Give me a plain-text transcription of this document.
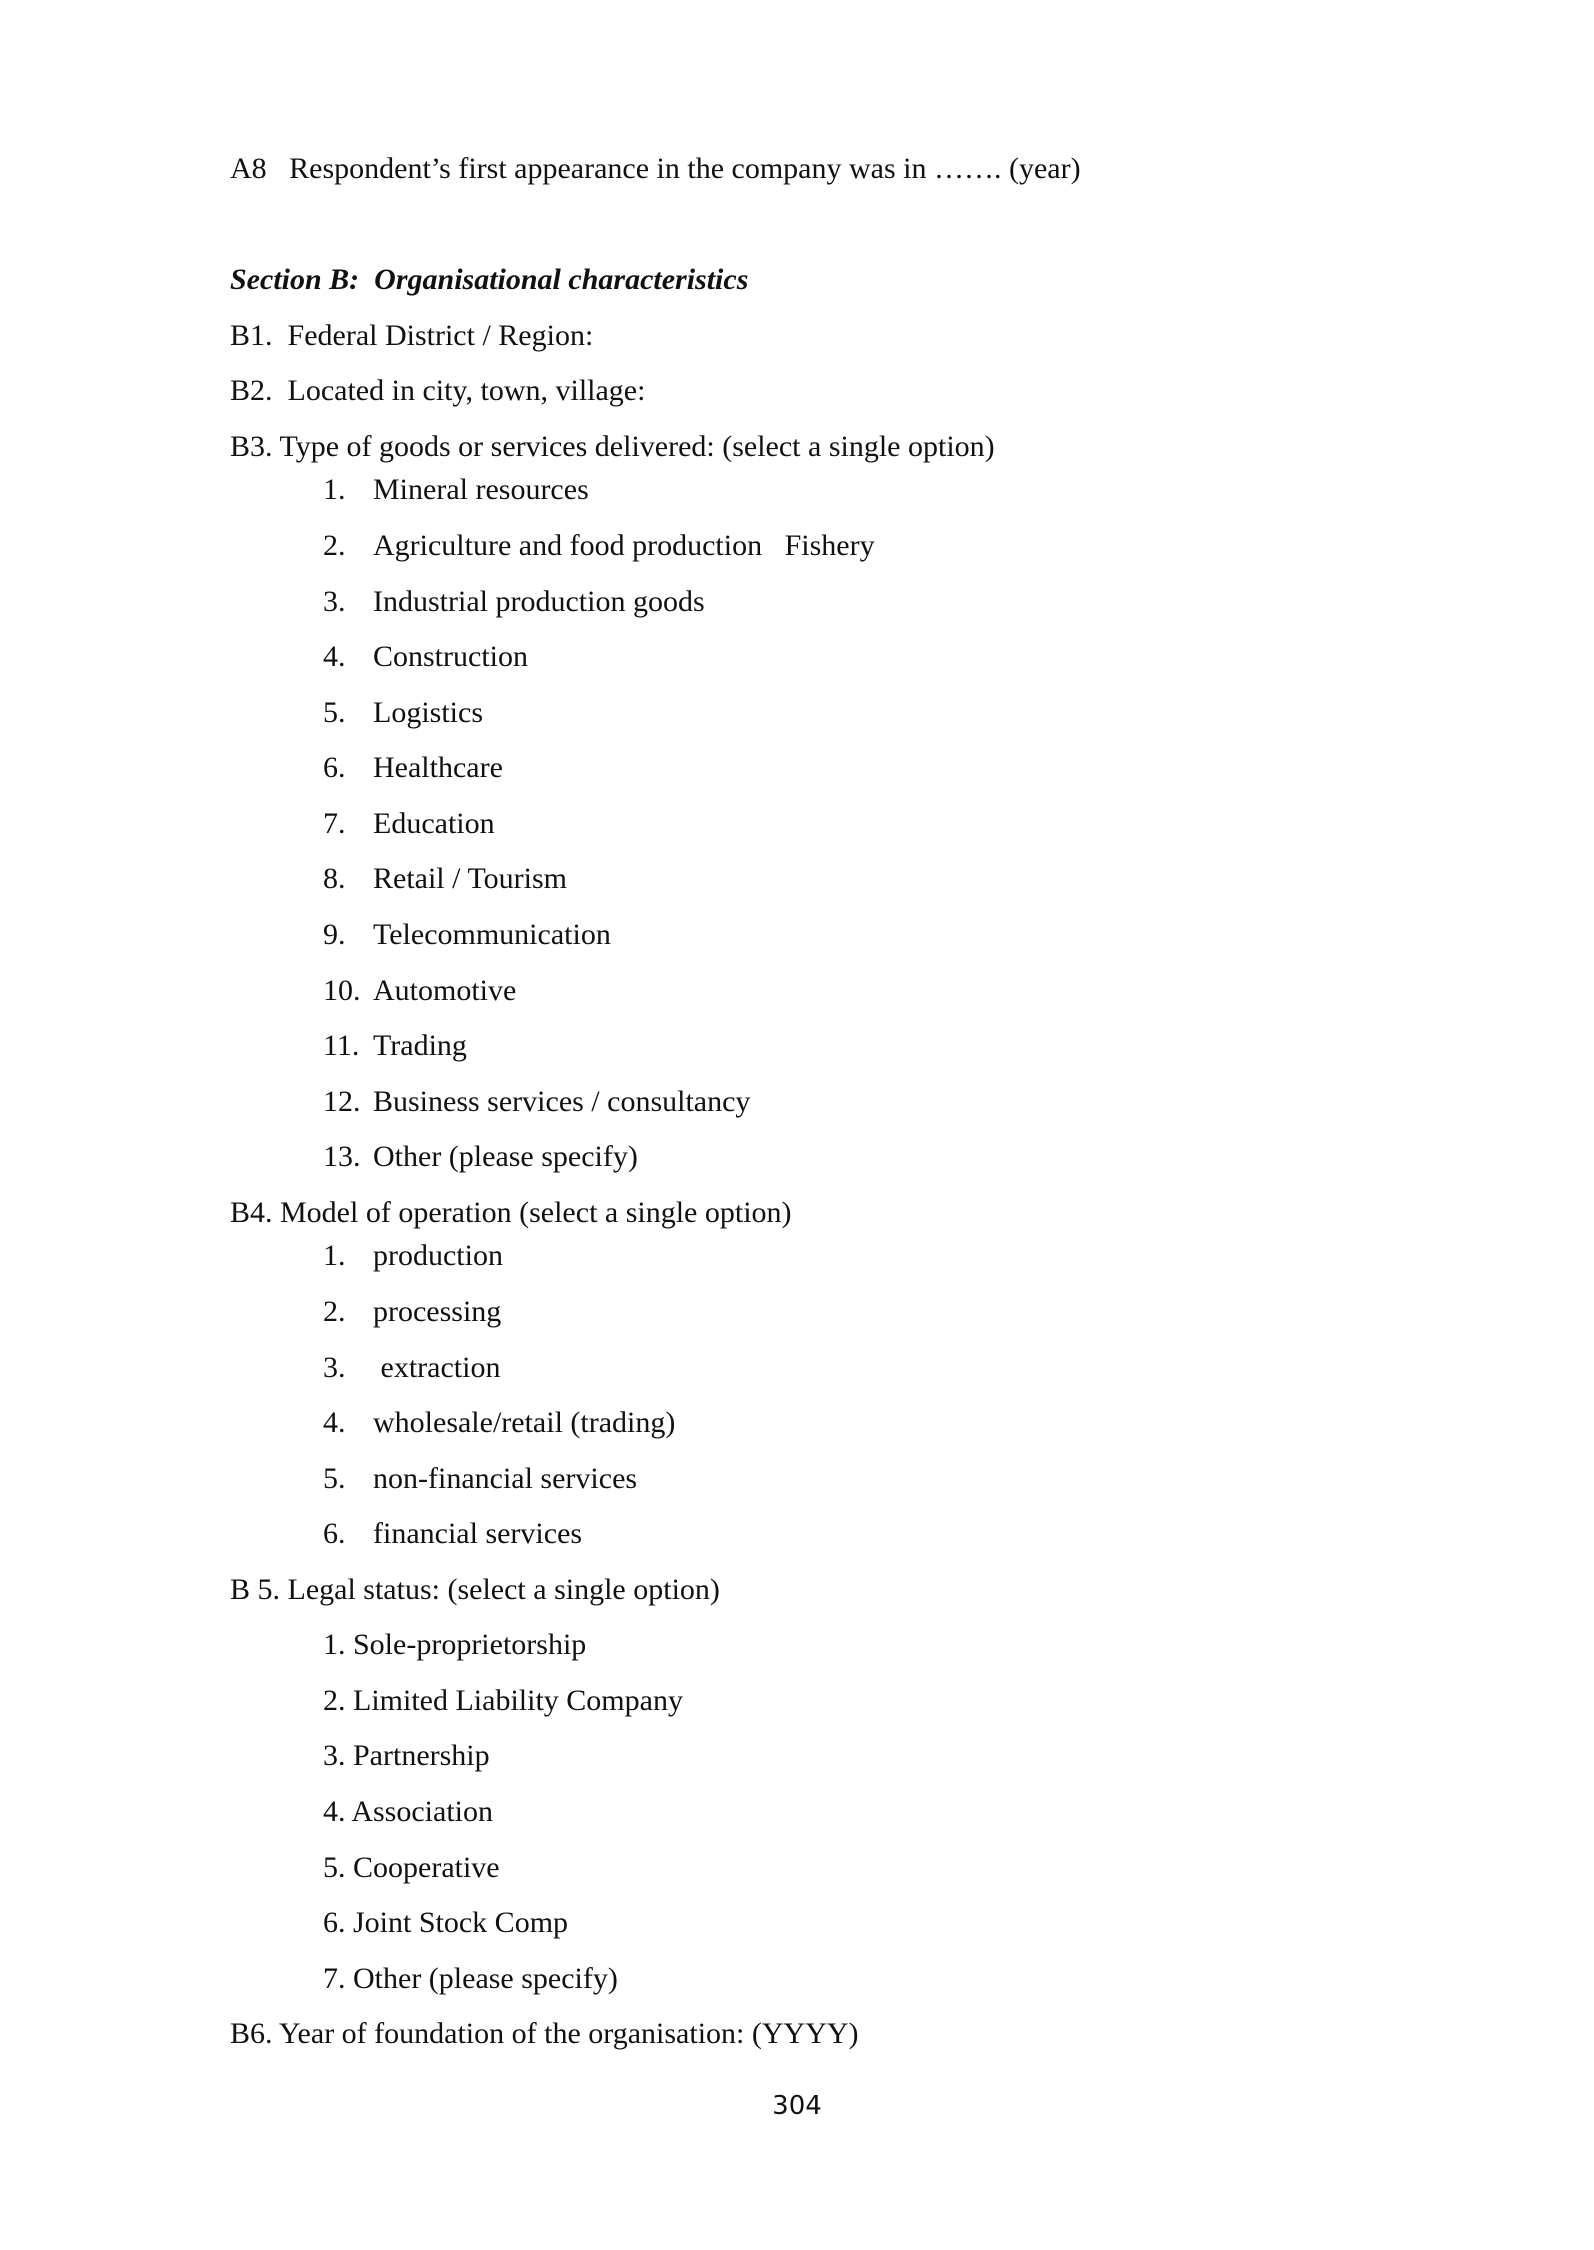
A8   Respondent’s first appearance in the company was in ……. (year)
Section B:  Organisational characteristics
B1.  Federal District / Region:
B2.  Located in city, town, village:
B3. Type of goods or services delivered: (select a single option)
1. Mineral resources
2. Agriculture and food production   Fishery
3. Industrial production goods
4. Construction
5. Logistics
6. Healthcare
7. Education
8. Retail / Tourism
9. Telecommunication
10. Automotive
11. Trading
12. Business services / consultancy
13. Other (please specify)
B4. Model of operation (select a single option)
1. production
2. processing
3. extraction
4. wholesale/retail (trading)
5. non-financial services
6. financial services
B 5. Legal status: (select a single option)
1. Sole-proprietorship
2. Limited Liability Company
3. Partnership
4. Association
5. Cooperative
6. Joint Stock Comp
7. Other (please specify)
B6. Year of foundation of the organisation: (YYYY)
304
